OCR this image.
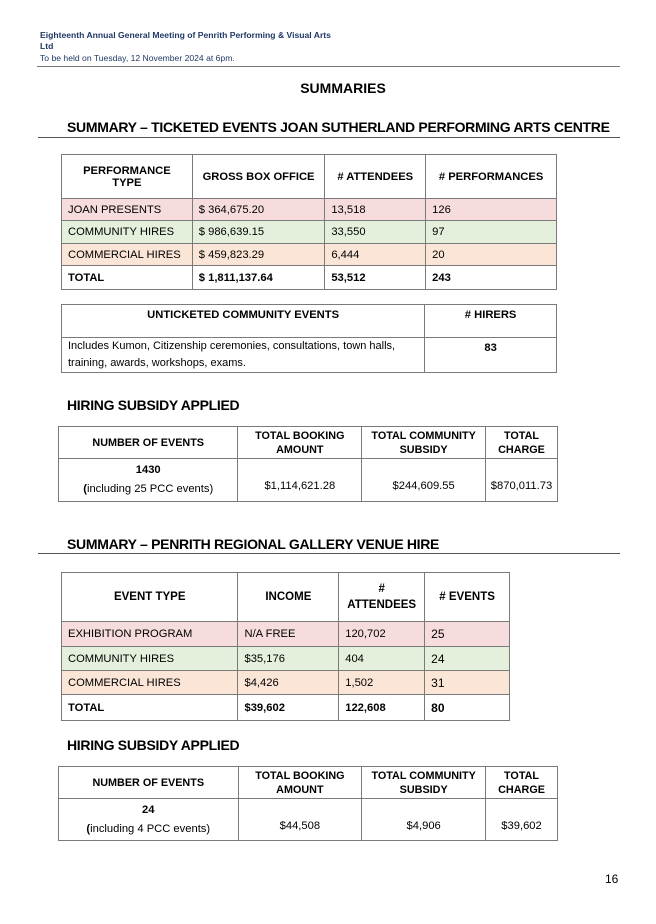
Eighteenth Annual General Meeting of Penrith Performing & Visual Arts Ltd
To be held on Tuesday, 12 November 2024 at 6pm.
SUMMARIES
SUMMARY – TICKETED EVENTS JOAN SUTHERLAND PERFORMING ARTS CENTRE
PERFORMANCE TYPE	GROSS BOX OFFICE	# ATTENDEES	# PERFORMANCES
JOAN PRESENTS	$ 364,675.20	13,518	126
COMMUNITY HIRES	$ 986,639.15	33,550	97
COMMERCIAL HIRES	$ 459,823.29	6,444	20
TOTAL	$ 1,811,137.64	53,512	243
UNTICKETED COMMUNITY EVENTS	# HIRERS
Includes Kumon, Citizenship ceremonies, consultations, town halls, training, awards, workshops, exams.	83
HIRING SUBSIDY APPLIED
NUMBER OF EVENTS	TOTAL BOOKING AMOUNT	TOTAL COMMUNITY SUBSIDY	TOTAL CHARGE

1430
(including 25 PCC events)	$1,114,621.28	$244,609.55	$870,011.73
SUMMARY – PENRITH REGIONAL GALLERY VENUE HIRE
EVENT TYPE	INCOME	# ATTENDEES	# EVENTS
EXHIBITION PROGRAM	N/A FREE	120,702	25
COMMUNITY HIRES	$35,176	404	24
COMMERCIAL HIRES	$4,426	1,502	31
TOTAL	$39,602	122,608	80
HIRING SUBSIDY APPLIED
NUMBER OF EVENTS	TOTAL BOOKING AMOUNT	TOTAL COMMUNITY SUBSIDY	TOTAL CHARGE

24
(including 4 PCC events)	$44,508	$4,906	$39,602
16
